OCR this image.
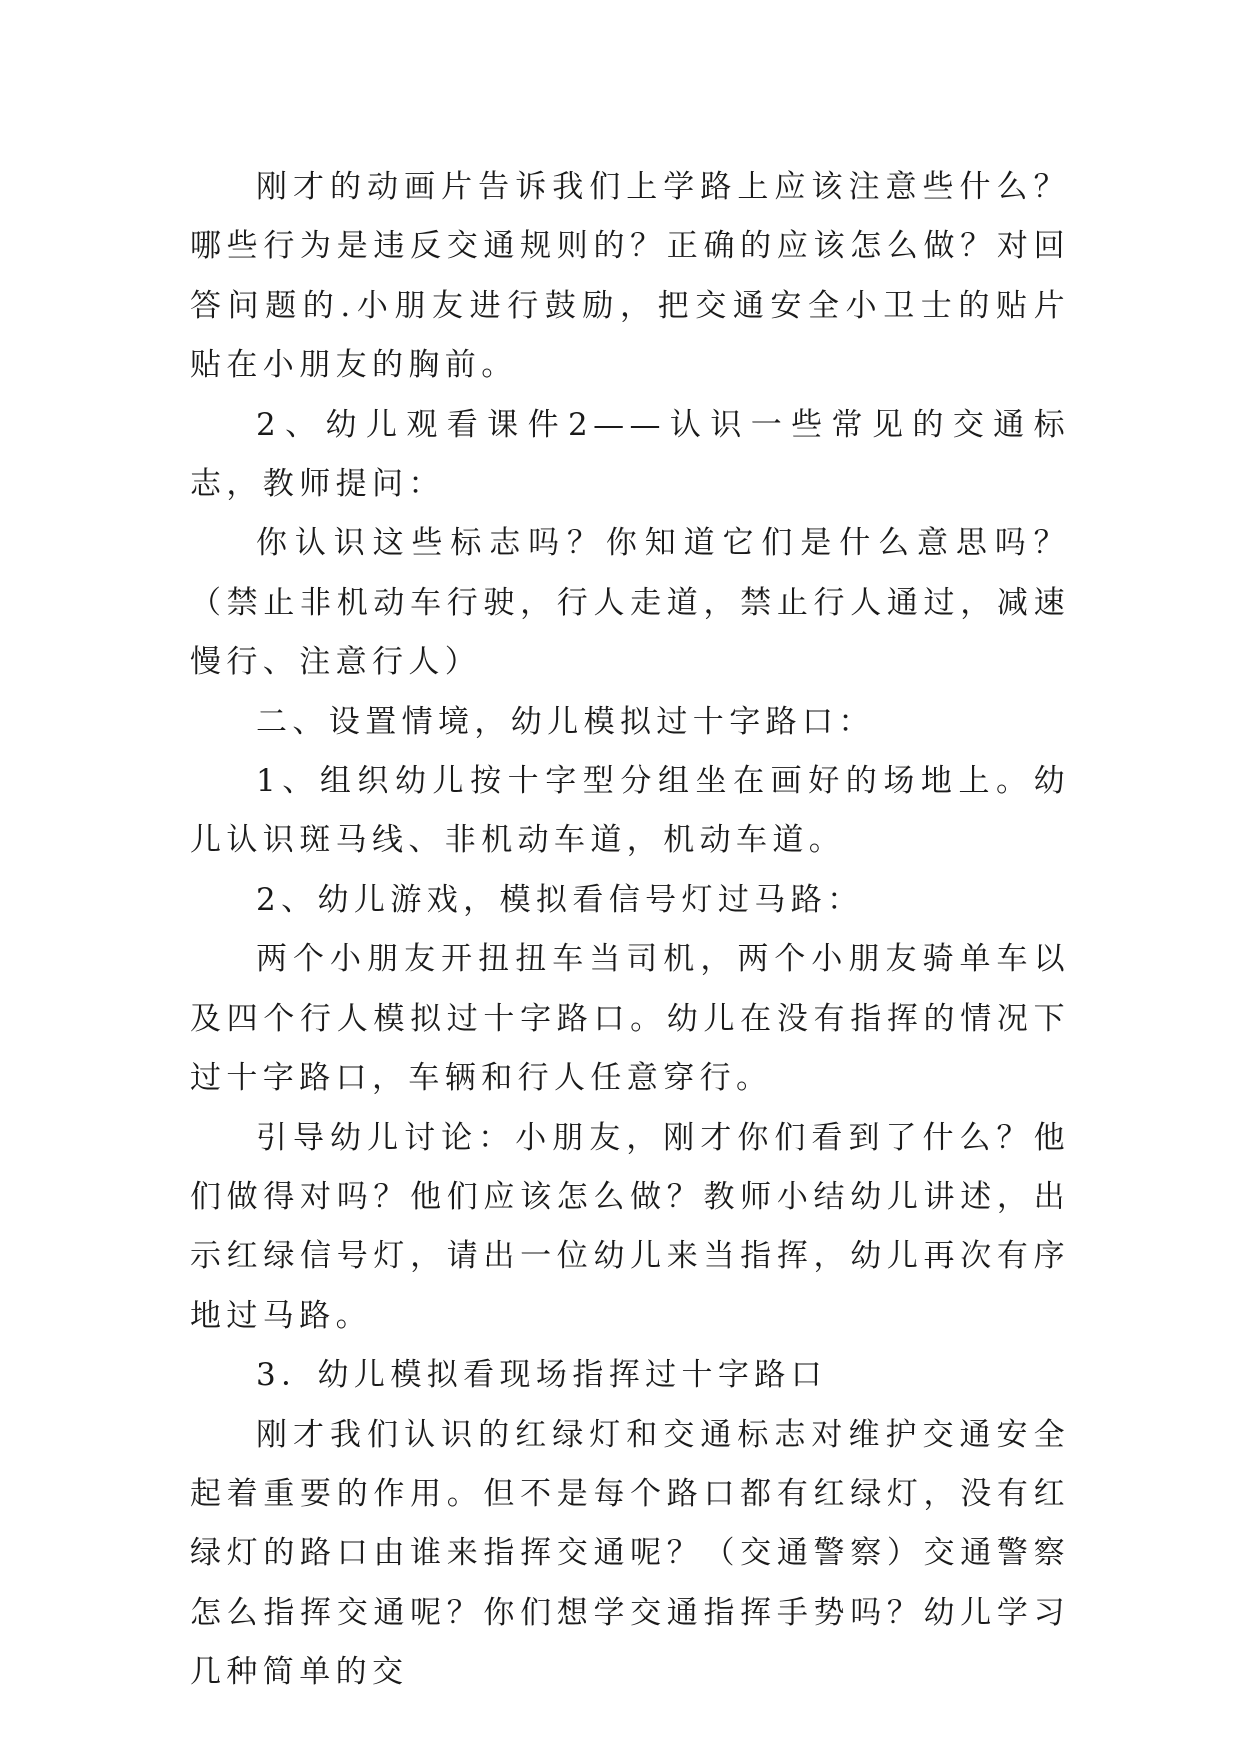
刚才的动画片告诉我们上学路上应该注意些什么？哪些行为是违反交通规则的？正确的应该怎么做？对回答问题的.小朋友进行鼓励，把交通安全小卫士的贴片贴在小朋友的胸前。

2、幼儿观看课件2——认识一些常见的交通标志，教师提问：

你认识这些标志吗？你知道它们是什么意思吗？（禁止非机动车行驶，行人走道，禁止行人通过，减速慢行、注意行人）

二、设置情境，幼儿模拟过十字路口：

1、组织幼儿按十字型分组坐在画好的场地上。幼儿认识斑马线、非机动车道，机动车道。

2、幼儿游戏，模拟看信号灯过马路：

两个小朋友开扭扭车当司机，两个小朋友骑单车以及四个行人模拟过十字路口。幼儿在没有指挥的情况下过十字路口，车辆和行人任意穿行。

引导幼儿讨论：小朋友，刚才你们看到了什么？他们做得对吗？他们应该怎么做？教师小结幼儿讲述，出示红绿信号灯，请出一位幼儿来当指挥，幼儿再次有序地过马路。

3．幼儿模拟看现场指挥过十字路口

刚才我们认识的红绿灯和交通标志对维护交通安全起着重要的作用。但不是每个路口都有红绿灯，没有红绿灯的路口由谁来指挥交通呢？（交通警察）交通警察怎么指挥交通呢？你们想学交通指挥手势吗？幼儿学习几种简单的交
